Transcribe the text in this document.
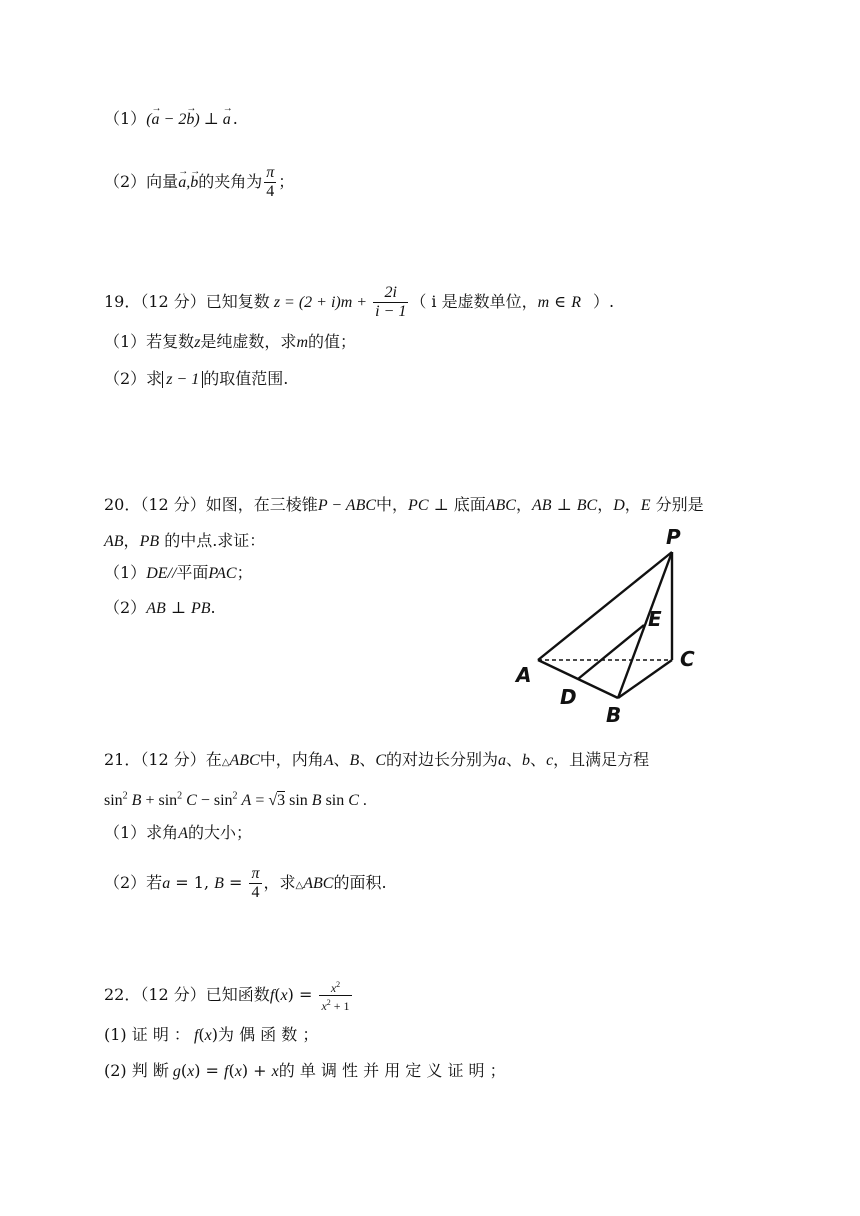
（1）(→ a − 2→ b) ⊥ → a .
（2）向量→ a,→ b的夹角为 $\frac{\pi}{4}$ ；
19．（12 分）已知复数 $z = (2 + i)m + \frac{2i}{i - 1}$ （ i 是虚数单位，m ∈ R ）.
（1）若复数z是纯虚数，求m的值；
（2）求 z − 1 的取值范围.
20．（12 分）如图，在三棱锥P − ABC中，PC ⊥ 底面ABC，AB ⊥ BC，D，E 分别是
AB，PB 的中点.求证：
（1）DE//平面PAC；
（2）AB ⊥ PB.
P
A
C
B
D
E
21．（12 分）在△ABC中，内角A、B、C的对边长分别为a、b、c，且满足方程
$\sin^2 B + \sin^2 C - \sin^2 A = √3$ sin B sin C .
（1）求角A的大小；
（2）若a = 1, $B = \frac{\pi}{4}$ ，求△ABC的面积.
22．（12 分）已知函数$f(x) = \frac{x^2}{x^2 + 1}$
(1) 证 明 ： f(x)为 偶 函 数 ；
(2) 判 断 g(x) = f(x) + x的 单 调 性 并 用 定 义 证 明 ；
